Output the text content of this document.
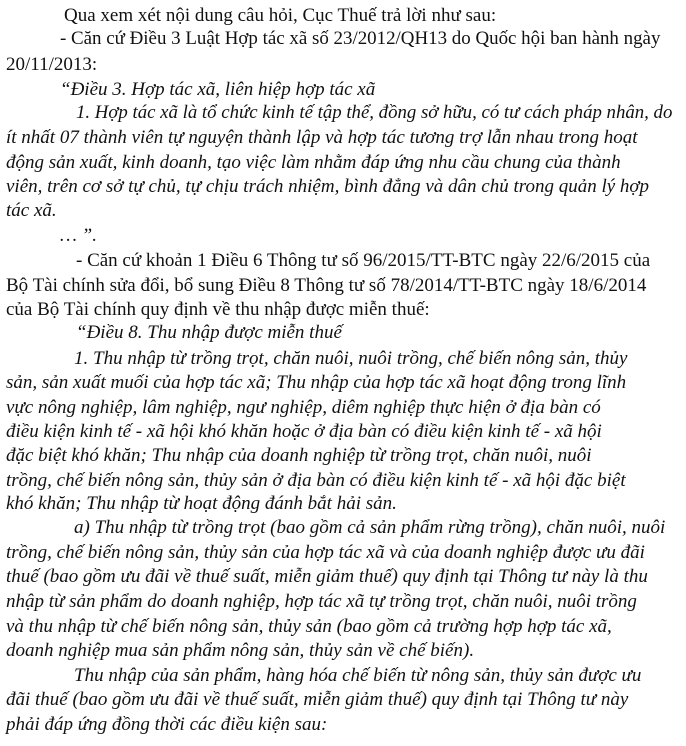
Qua xem xét nội dung câu hỏi, Cục Thuế trả lời như sau:

- Căn cứ Điều 3 Luật Hợp tác xã số 23/2012/QH13 do Quốc hội ban hành ngày

20/11/2013:

“Điều 3. Hợp tác xã, liên hiệp hợp tác xã

1. Hợp tác xã là tổ chức kinh tế tập thể, đồng sở hữu, có tư cách pháp nhân, do

ít nhất 07 thành viên tự nguyện thành lập và hợp tác tương trợ lẫn nhau trong hoạt

động sản xuất, kinh doanh, tạo việc làm nhằm đáp ứng nhu cầu chung của thành

viên, trên cơ sở tự chủ, tự chịu trách nhiệm, bình đẳng và dân chủ trong quản lý hợp

tác xã.

… ”.

- Căn cứ khoản 1 Điều 6 Thông tư số 96/2015/TT-BTC ngày 22/6/2015 của

Bộ Tài chính sửa đổi, bổ sung Điều 8 Thông tư số 78/2014/TT-BTC ngày 18/6/2014

của Bộ Tài chính quy định về thu nhập được miễn thuế:

“Điều 8. Thu nhập được miễn thuế

1. Thu nhập từ trồng trọt, chăn nuôi, nuôi trồng, chế biến nông sản, thủy

sản, sản xuất muối của hợp tác xã; Thu nhập của hợp tác xã hoạt động trong lĩnh

vực nông nghiệp, lâm nghiệp, ngư nghiệp, diêm nghiệp thực hiện ở địa bàn có

điều kiện kinh tế - xã hội khó khăn hoặc ở địa bàn có điều kiện kinh tế - xã hội

đặc biệt khó khăn; Thu nhập của doanh nghiệp từ trồng trọt, chăn nuôi, nuôi

trồng, chế biến nông sản, thủy sản ở địa bàn có điều kiện kinh tế - xã hội đặc biệt

khó khăn; Thu nhập từ hoạt động đánh bắt hải sản.

a) Thu nhập từ trồng trọt (bao gồm cả sản phẩm rừng trồng), chăn nuôi, nuôi

trồng, chế biến nông sản, thủy sản của hợp tác xã và của doanh nghiệp được ưu đãi

thuế (bao gồm ưu đãi về thuế suất, miễn giảm thuế) quy định tại Thông tư này là thu

nhập từ sản phẩm do doanh nghiệp, hợp tác xã tự trồng trọt, chăn nuôi, nuôi trồng

và thu nhập từ chế biến nông sản, thủy sản (bao gồm cả trường hợp hợp tác xã,

doanh nghiệp mua sản phẩm nông sản, thủy sản về chế biến).

Thu nhập của sản phẩm, hàng hóa chế biến từ nông sản, thủy sản được ưu

đãi thuế (bao gồm ưu đãi về thuế suất, miễn giảm thuế) quy định tại Thông tư này

phải đáp ứng đồng thời các điều kiện sau:
